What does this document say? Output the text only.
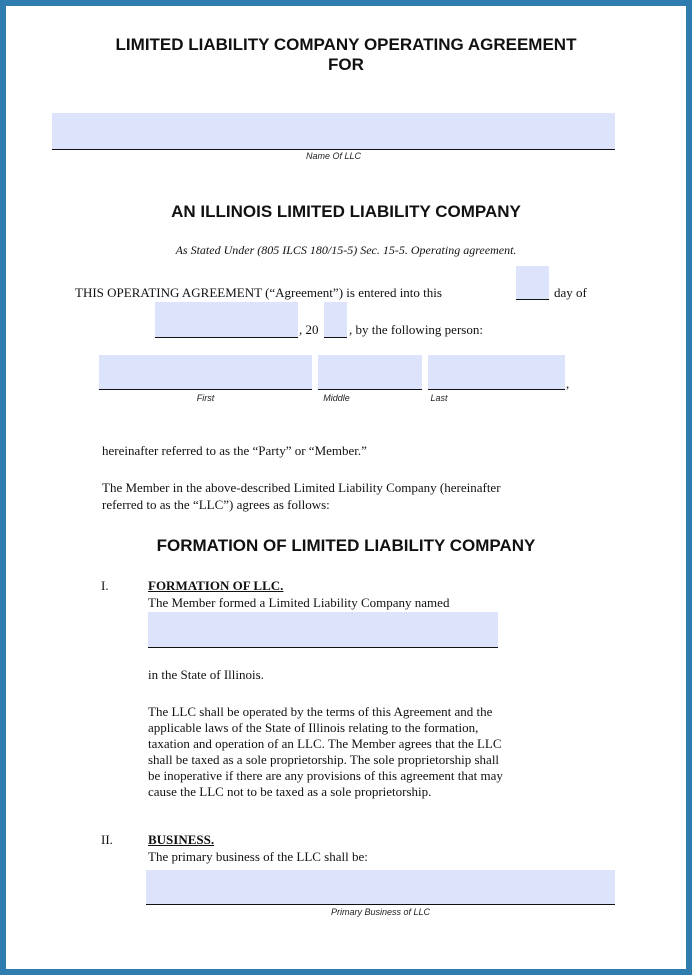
LIMITED LIABILITY COMPANY OPERATING AGREEMENT
FOR
Name Of LLC
AN ILLINOIS LIMITED LIABILITY COMPANY
As Stated Under (805 ILCS 180/15-5) Sec. 15-5. Operating agreement.
THIS OPERATING AGREEMENT (“Agreement”) is entered into this	day of
, 20 , by the following person:
,
First	Middle	Last
hereinafter referred to as the “Party” or “Member.”
The Member in the above-described Limited Liability Company (hereinafter
referred to as the “LLC”) agrees as follows:
FORMATION OF LIMITED LIABILITY COMPANY
I.	FORMATION OF LLC.
The Member formed a Limited Liability Company named
in the State of Illinois.
The LLC shall be operated by the terms of this Agreement and the
applicable laws of the State of Illinois relating to the formation,
taxation and operation of an LLC. The Member agrees that the LLC
shall be taxed as a sole proprietorship. The sole proprietorship shall
be inoperative if there are any provisions of this agreement that may
cause the LLC not to be taxed as a sole proprietorship.
II.	BUSINESS.
The primary business of the LLC shall be:
Primary Business of LLC
